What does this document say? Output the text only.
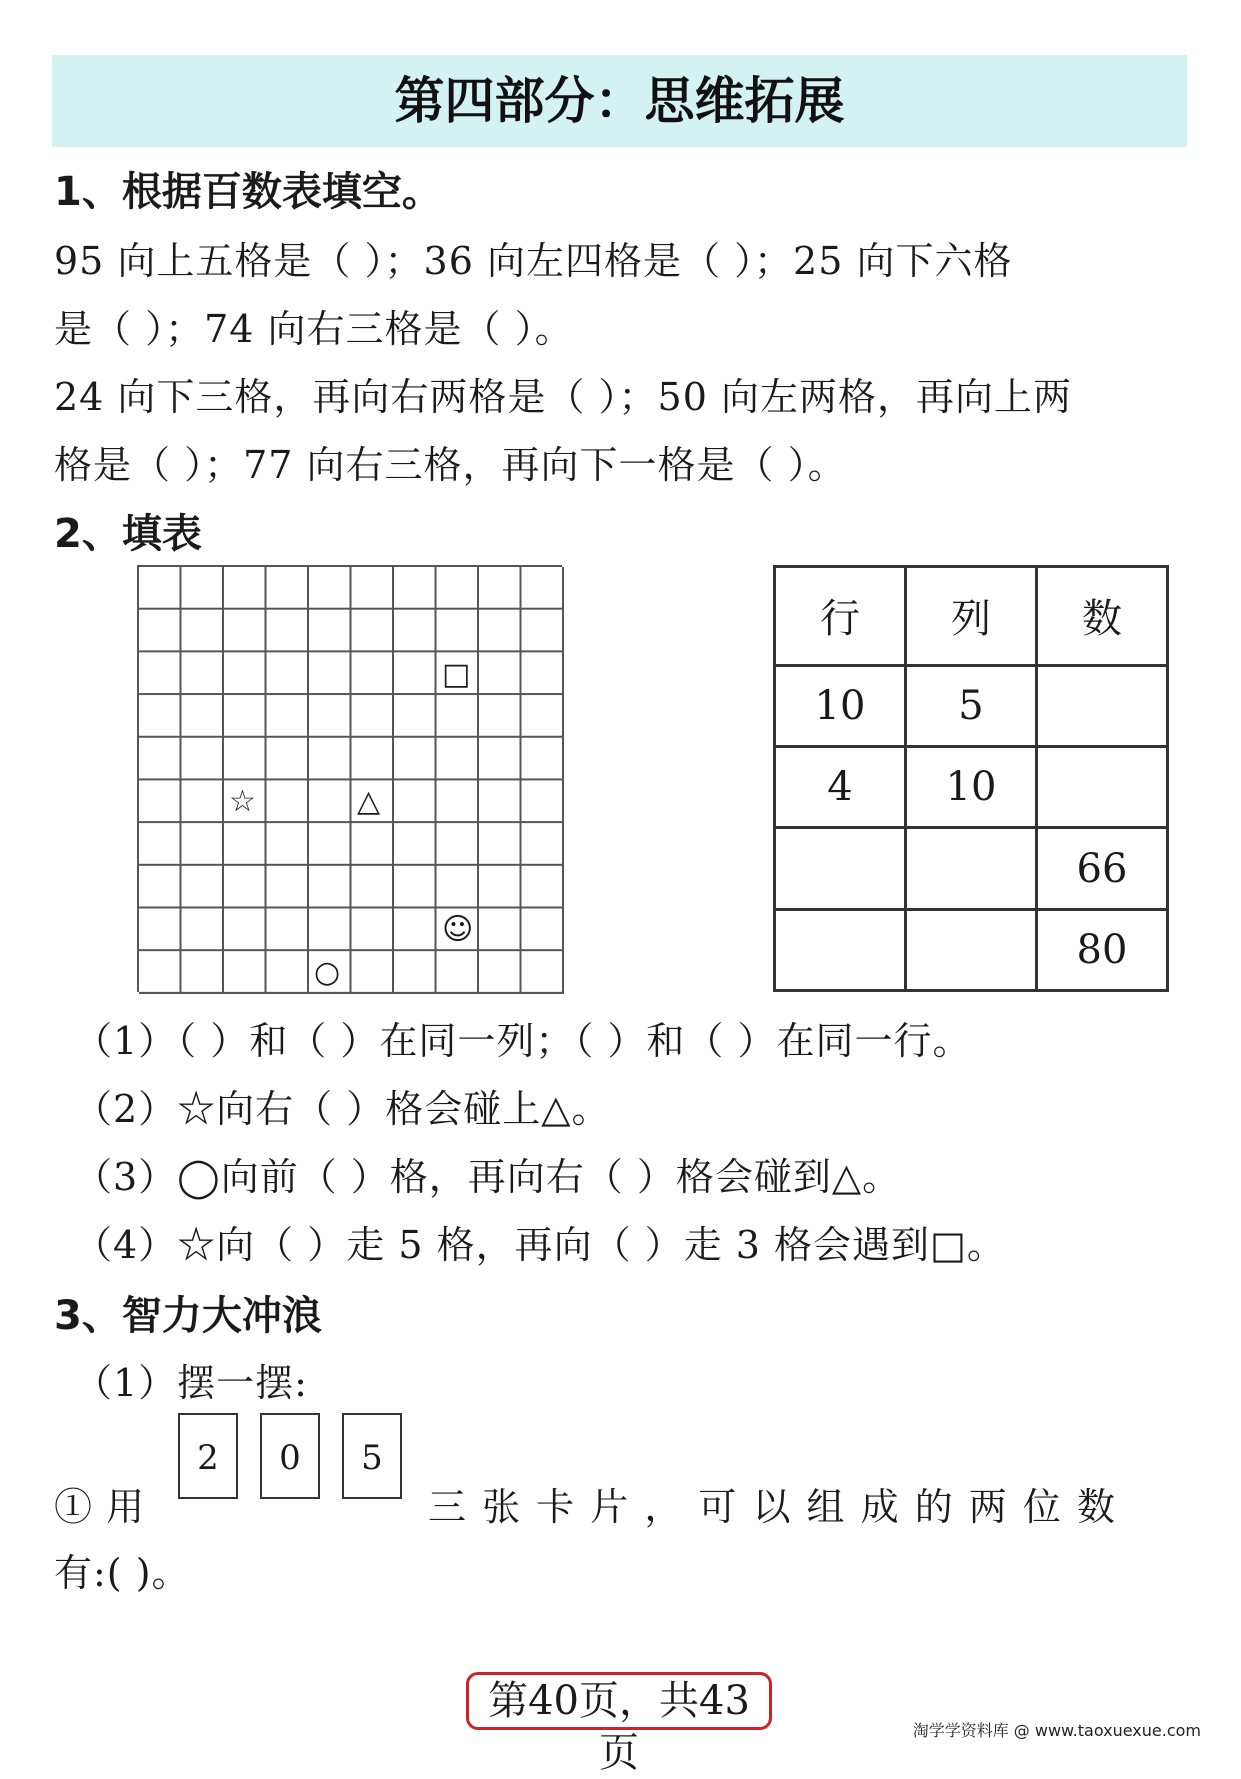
第四部分：思维拓展
1、根据百数表填空。
95 向上五格是（ ）；36 向左四格是（ ）；25 向下六格
是（ ）；74 向右三格是（ ）。
24 向下三格，再向右两格是（ ）；50 向左两格，再向上两
格是（ ）；77 向右三格，再向下一格是（ ）。
2、填表
□
☆	△
☺
○
行	列	数
10	5	
4	10	
		66
		80
（1）（ ）和（ ）在同一列；（ ）和（ ）在同一行。
（2）☆向右（ ）格会碰上△。
（3）◯向前（ ）格，再向右（ ）格会碰到△。
（4）☆向（ ）走 5 格，再向（ ）走 3 格会遇到□。
3、智力大冲浪
（1）摆一摆:
① 用
2	0	5
三 张 卡 片 ， 可 以 组 成 的 两 位 数
有:( )。
第40页，共43页	淘学学资料库 @ www.taoxuexue.com
